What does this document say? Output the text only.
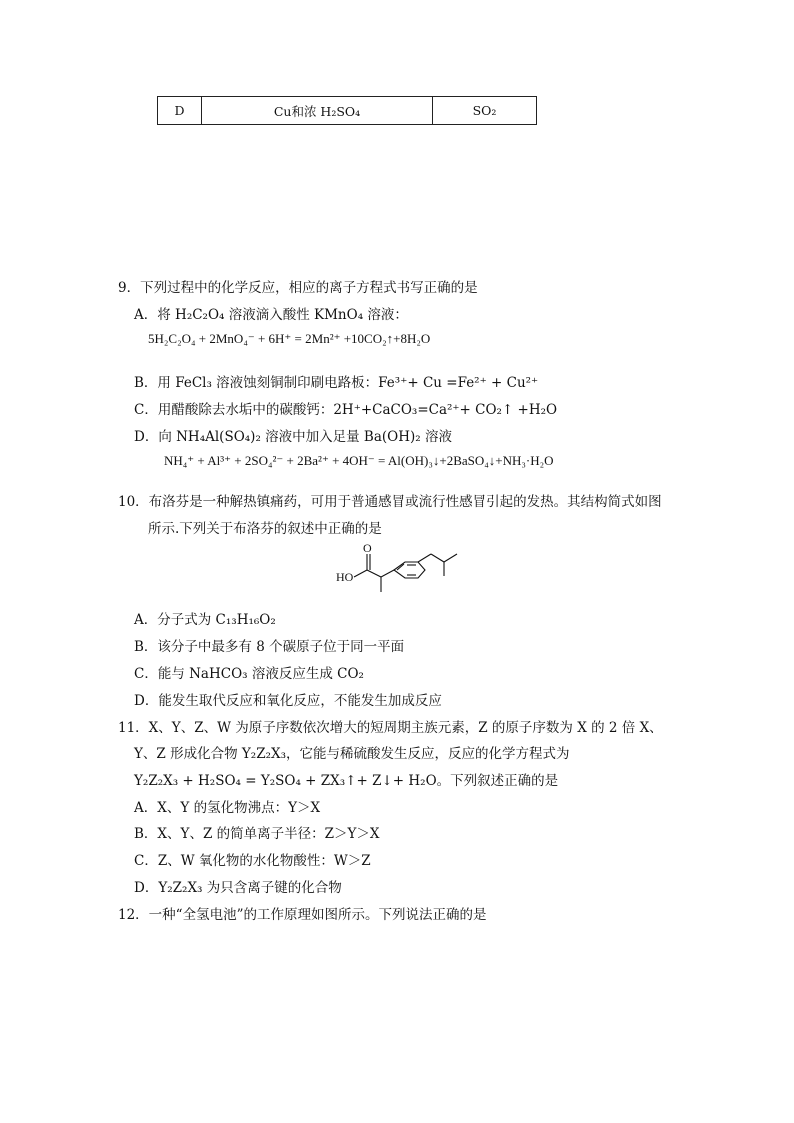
D	Cu和浓 H₂SO₄	SO₂
9．下列过程中的化学反应，相应的离子方程式书写正确的是
A．将 H₂C₂O₄ 溶液滴入酸性 KMnO₄ 溶液：
5H₂C₂O₄ + 2MnO₄⁻ + 6H⁺ = 2Mn²⁺ +10CO₂↑+8H₂O
B．用 FeCl₃ 溶液蚀刻铜制印刷电路板：Fe³⁺+ Cu =Fe²⁺ + Cu²⁺
C．用醋酸除去水垢中的碳酸钙：2H⁺+CaCO₃=Ca²⁺+ CO₂↑ +H₂O
D．向 NH₄Al(SO₄)₂ 溶液中加入足量 Ba(OH)₂ 溶液
NH₄⁺ + Al³⁺ + 2SO₄²⁻ + 2Ba²⁺ + 4OH⁻ = Al(OH)₃↓+2BaSO₄↓+NH₃·H₂O
10．布洛芬是一种解热镇痛药，可用于普通感冒或流行性感冒引起的发热。其结构简式如图
所示.下列关于布洛芬的叙述中正确的是
HO
O
A．分子式为 C₁₃H₁₆O₂
B．该分子中最多有 8 个碳原子位于同一平面
C．能与 NaHCO₃ 溶液反应生成 CO₂
D．能发生取代反应和氧化反应，不能发生加成反应
11．X、Y、Z、W 为原子序数依次增大的短周期主族元素，Z 的原子序数为 X 的 2 倍 X、
Y、Z 形成化合物 Y₂Z₂X₃，它能与稀硫酸发生反应，反应的化学方程式为
Y₂Z₂X₃ + H₂SO₄ = Y₂SO₄ + ZX₃↑+ Z↓+ H₂O。下列叙述正确的是
A．X、Y 的氢化物沸点：Y＞X
B．X、Y、Z 的简单离子半径：Z＞Y＞X
C．Z、W 氧化物的水化物酸性：W＞Z
D．Y₂Z₂X₃ 为只含离子键的化合物
12．一种“全氢电池”的工作原理如图所示。下列说法正确的是
